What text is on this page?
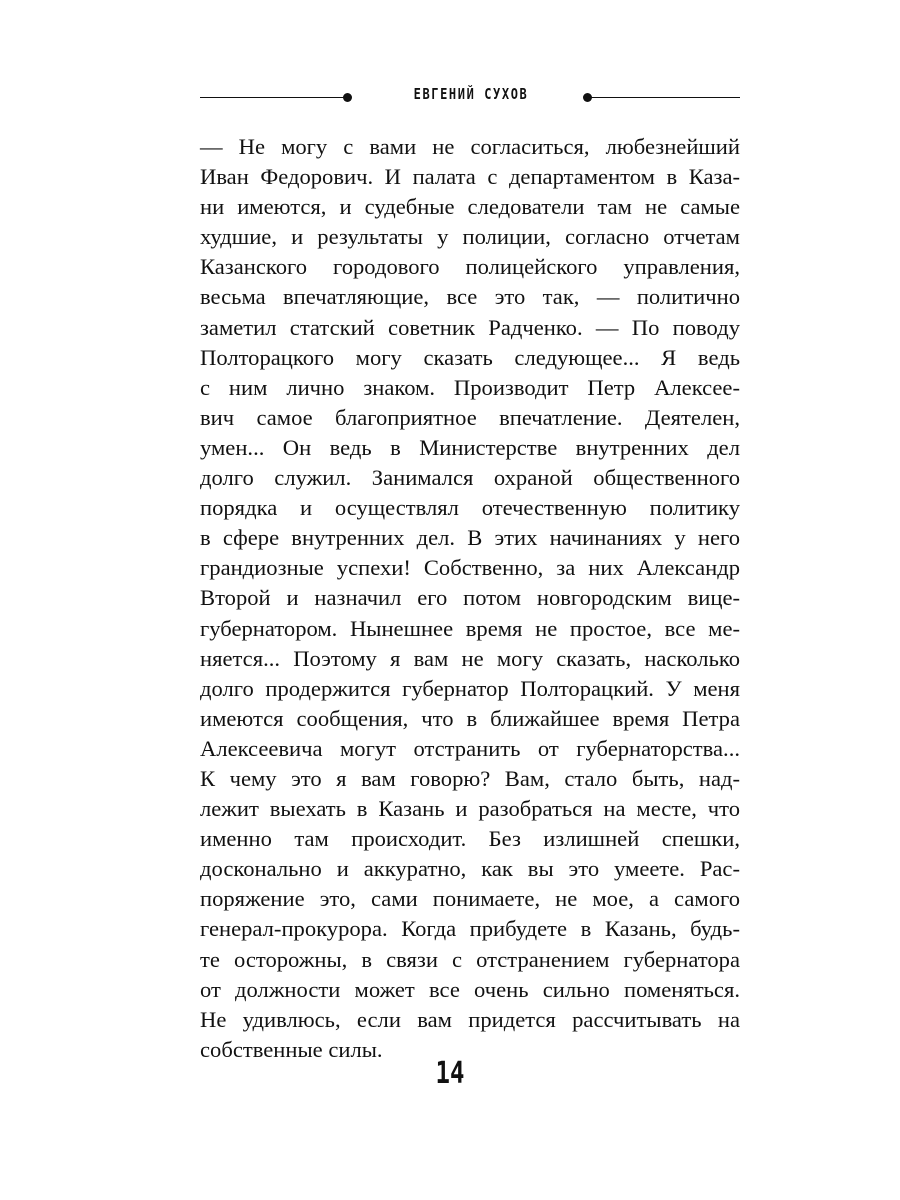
ЕВГЕНИЙ СУХОВ
— Не могу с вами не согласиться, любезнейший
Иван Федорович. И палата с департаментом в Каза-
ни имеются, и судебные следователи там не самые
худшие, и результаты у полиции, согласно отчетам
Казанского городового полицейского управления,
весьма впечатляющие, все это так, — политично
заметил статский советник Радченко. — По поводу
Полторацкого могу сказать следующее... Я ведь
с ним лично знаком. Производит Петр Алексее-
вич самое благоприятное впечатление. Деятелен,
умен... Он ведь в Министерстве внутренних дел
долго служил. Занимался охраной общественного
порядка и осуществлял отечественную политику
в сфере внутренних дел. В этих начинаниях у него
грандиозные успехи! Собственно, за них Александр
Второй и назначил его потом новгородским вице-
губернатором. Нынешнее время не простое, все ме-
няется... Поэтому я вам не могу сказать, насколько
долго продержится губернатор Полторацкий. У меня
имеются сообщения, что в ближайшее время Петра
Алексеевича могут отстранить от губернаторства...
К чему это я вам говорю? Вам, стало быть, над-
лежит выехать в Казань и разобраться на месте, что
именно там происходит. Без излишней спешки,
досконально и аккуратно, как вы это умеете. Рас-
поряжение это, сами понимаете, не мое, а самого
генерал-прокурора. Когда прибудете в Казань, будь-
те осторожны, в связи с отстранением губернатора
от должности может все очень сильно поменяться.
Не удивлюсь, если вам придется рассчитывать на
собственные силы.
14
